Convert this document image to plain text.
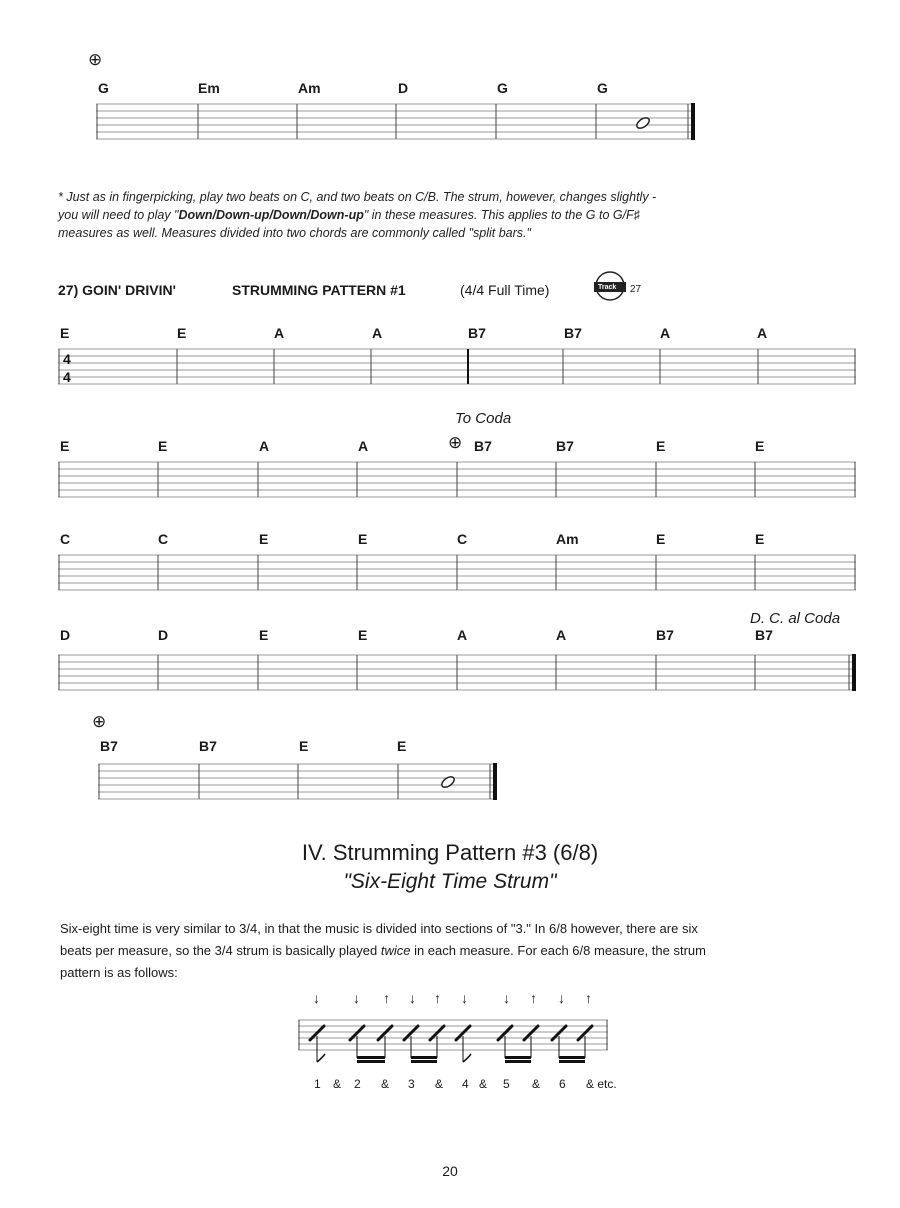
⊕
G	Em	Am	D	G	G
* Just as in fingerpicking, play two beats on C, and two beats on C/B. The strum, however, changes slightly -
you will need to play "Down/Down-up/Down/Down-up" in these measures. This applies to the G to G/F♯
measures as well. Measures divided into two chords are commonly called "split bars."
27) GOIN' DRIVIN'	STRUMMING PATTERN #1	(4/4 Full Time)	Track 27
E	E	A	A	B7	B7	A	A
4
4
To Coda
⊕
E	E	A	A	B7	B7	E	E
C	C	E	E	C	Am	E	E
D. C. al Coda
D	D	E	E	A	A	B7	B7
⊕
B7	B7	E	E
IV. Strumming Pattern #3 (6/8)
"Six-Eight Time Strum"
Six-eight time is very similar to 3/4, in that the music is divided into sections of "3." In 6/8 however, there are six
beats per measure, so the 3/4 strum is basically played twice in each measure. For each 6/8 measure, the strum
pattern is as follows:
↓ ↓ ↑ ↓ ↑ ↓	↓ ↑ ↓ ↑
1 & 2 & 3 & 4 & 5 & 6 & etc.
20
